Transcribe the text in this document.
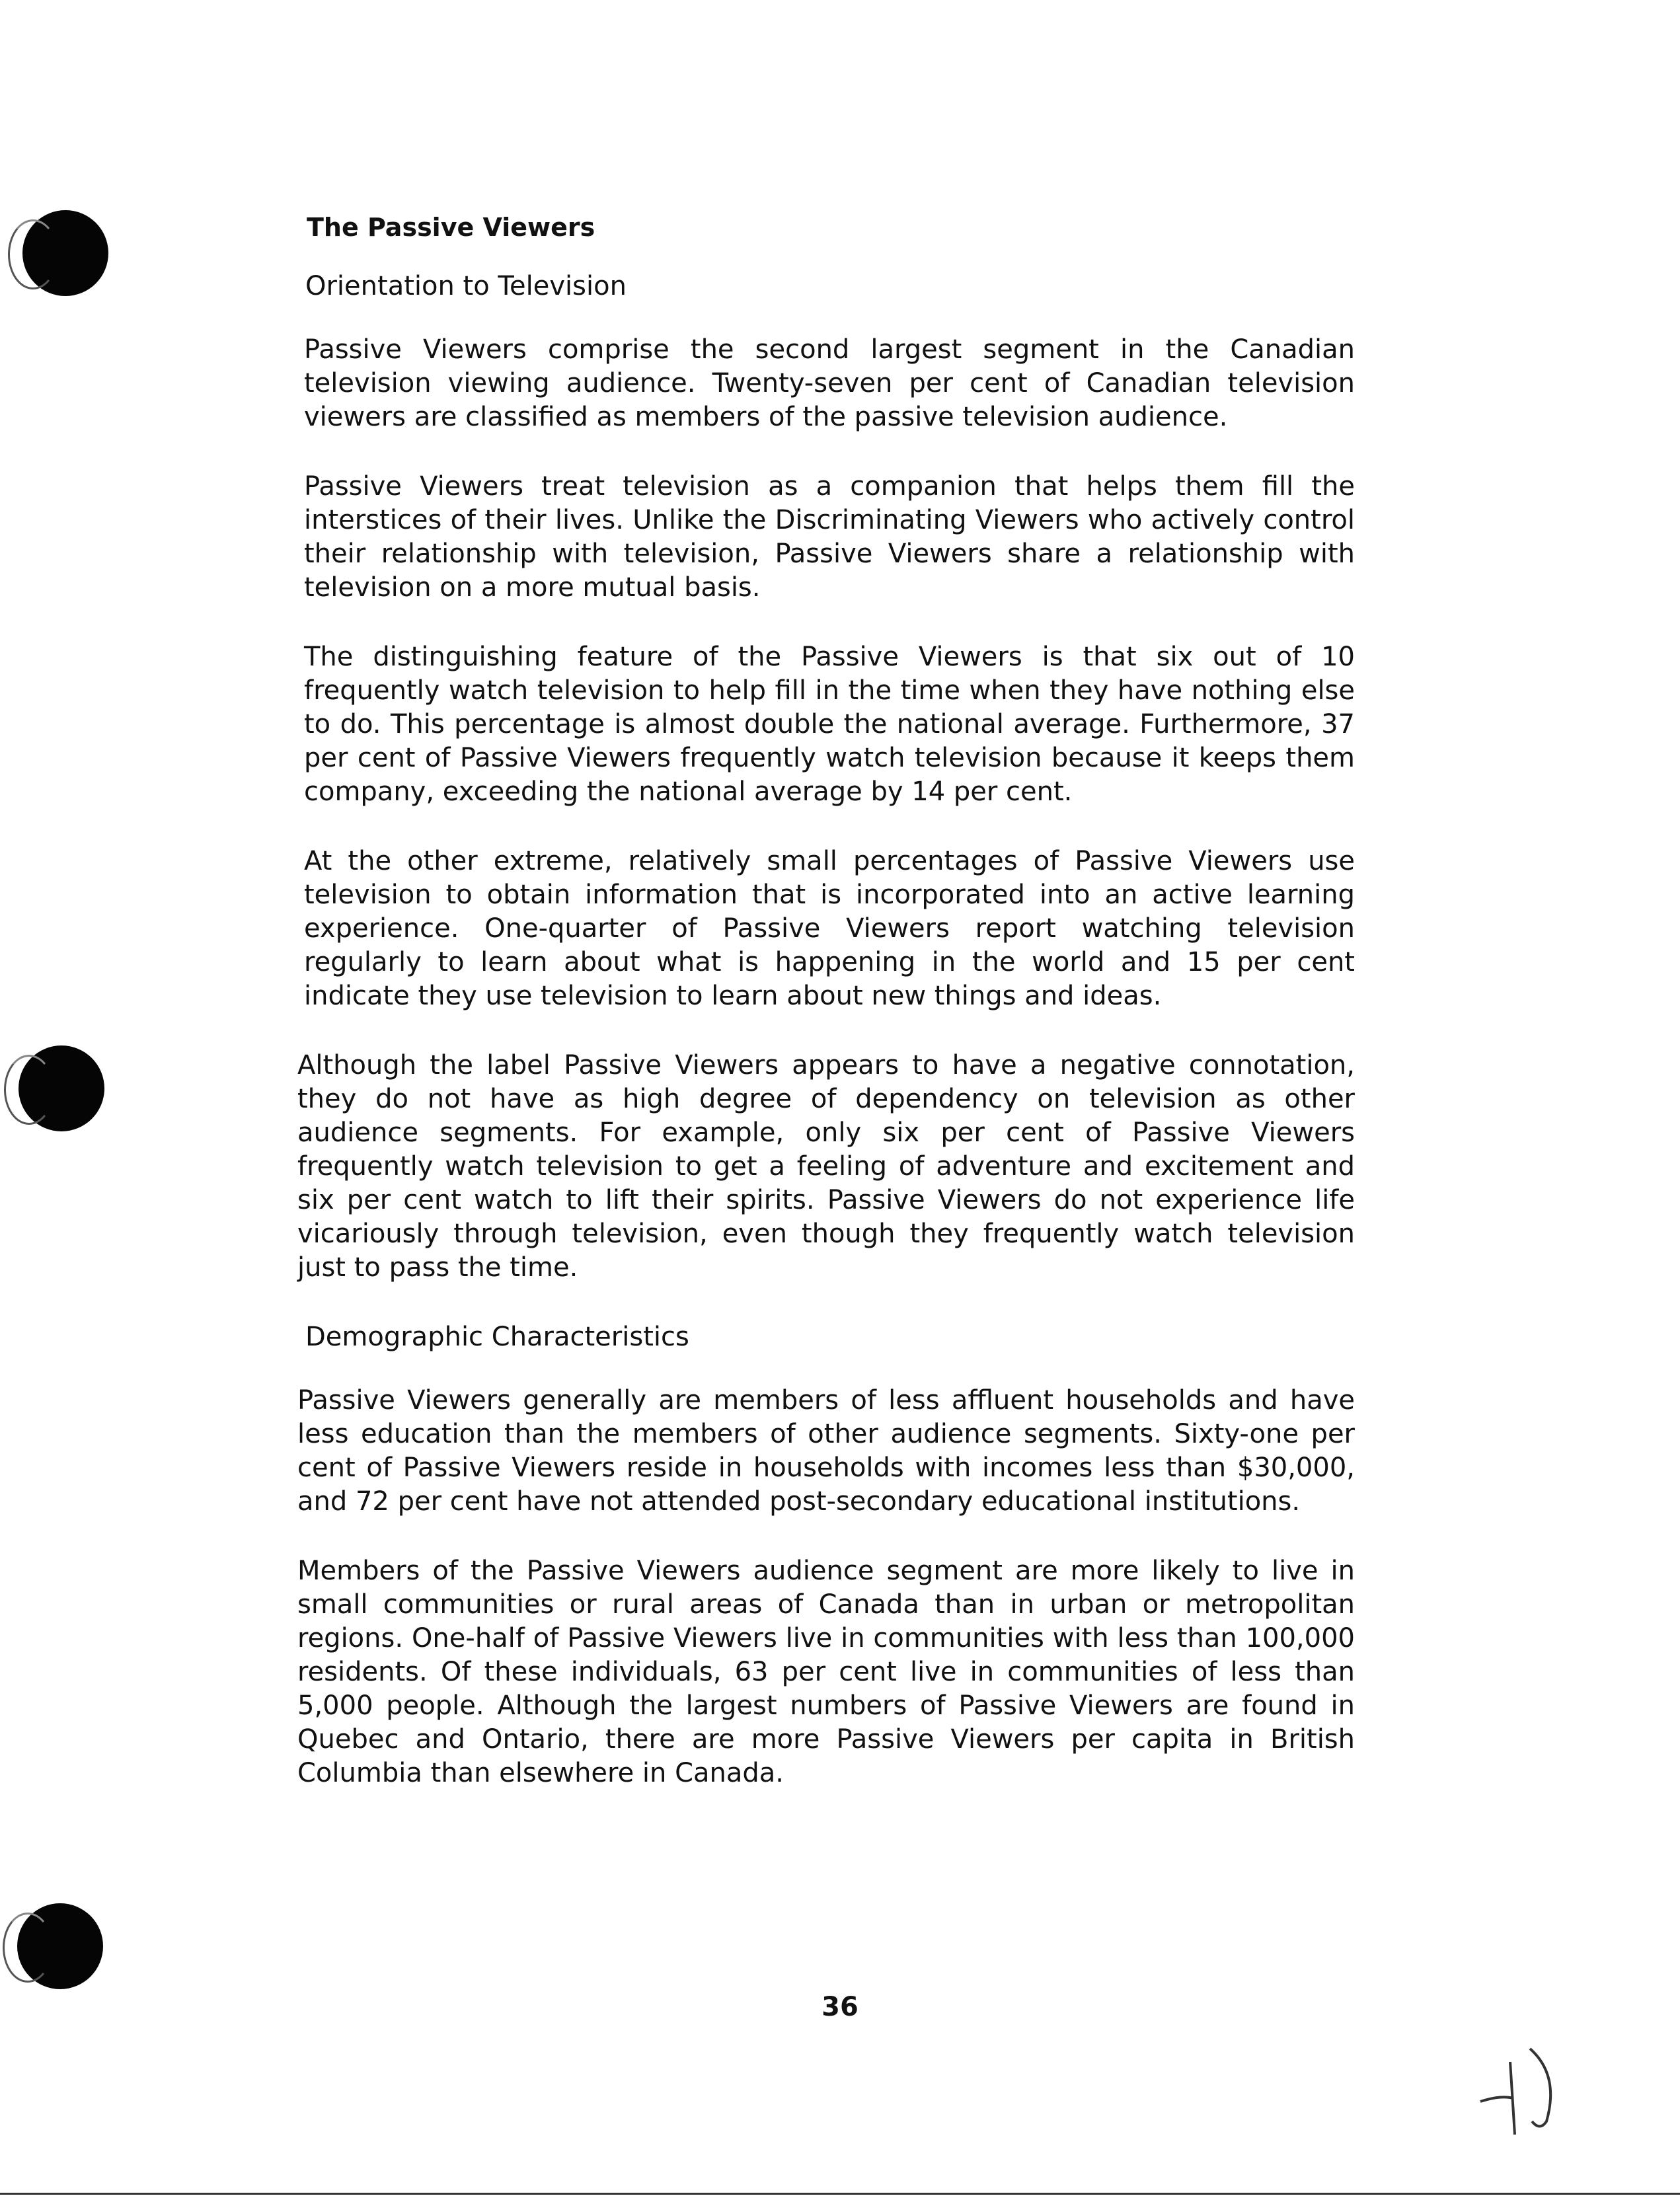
The Passive Viewers
Orientation to Television

Passive Viewers comprise the second largest segment in the Canadian television viewing audience. Twenty-seven per cent of Canadian television viewers are classified as members of the passive television audience.

Passive Viewers treat television as a companion that helps them fill the interstices of their lives. Unlike the Discriminating Viewers who actively control their relationship with television, Passive Viewers share a relationship with television on a more mutual basis.

The distinguishing feature of the Passive Viewers is that six out of 10 frequently watch television to help fill in the time when they have nothing else to do. This percentage is almost double the national average. Furthermore, 37 per cent of Passive Viewers frequently watch television because it keeps them company, exceeding the national average by 14 per cent.

At the other extreme, relatively small percentages of Passive Viewers use television to obtain information that is incorporated into an active learning experience. One-quarter of Passive Viewers report watching television regularly to learn about what is happening in the world and 15 per cent indicate they use television to learn about new things and ideas.

Although the label Passive Viewers appears to have a negative connotation, they do not have as high degree of dependency on television as other audience segments. For example, only six per cent of Passive Viewers frequently watch television to get a feeling of adventure and excitement and six per cent watch to lift their spirits. Passive Viewers do not experience life vicariously through television, even though they frequently watch television just to pass the time.

Demographic Characteristics

Passive Viewers generally are members of less affluent households and have less education than the members of other audience segments. Sixty-one per cent of Passive Viewers reside in households with incomes less than $30,000, and 72 per cent have not attended post-secondary educational institutions.

Members of the Passive Viewers audience segment are more likely to live in small communities or rural areas of Canada than in urban or metropolitan regions. One-half of Passive Viewers live in communities with less than 100,000 residents. Of these individuals, 63 per cent live in communities of less than 5,000 people. Although the largest numbers of Passive Viewers are found in Quebec and Ontario, there are more Passive Viewers per capita in British Columbia than elsewhere in Canada.

36
